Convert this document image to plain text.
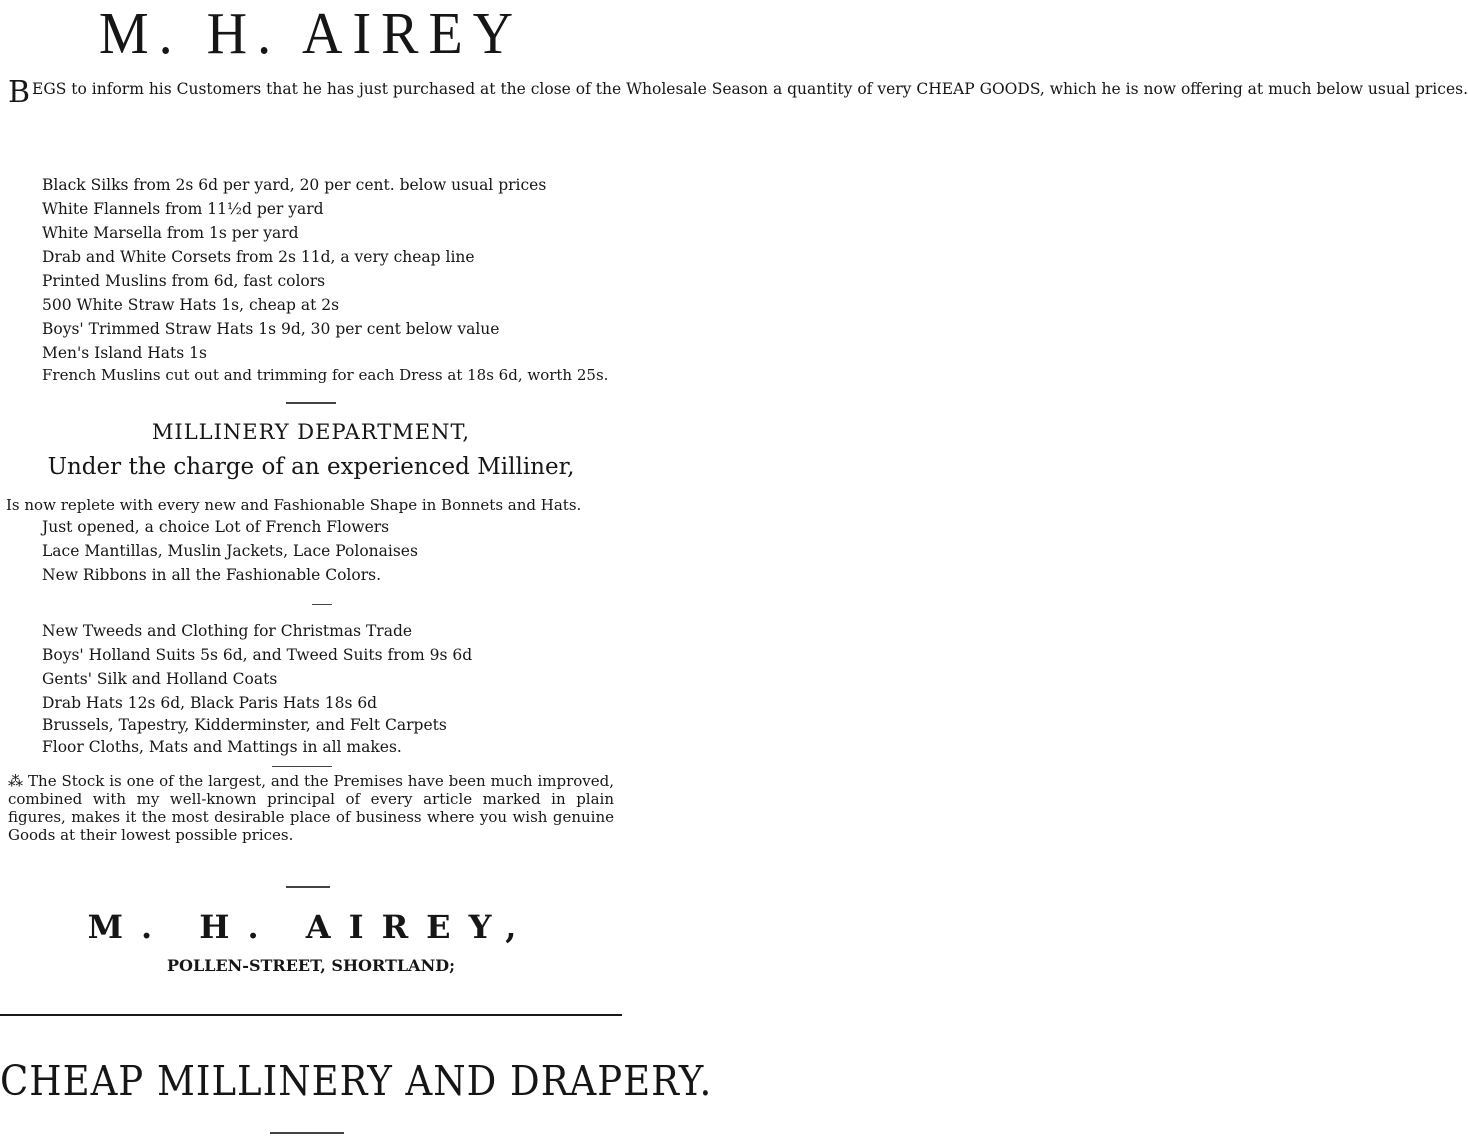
M. H. AIREY

BEGS to inform his Customers that he has just purchased at the close of the Wholesale Season a quantity of very CHEAP GOODS, which he is now offering at much below usual prices.

Black Silks from 2s 6d per yard, 20 per cent. below usual prices
White Flannels from 11½d per yard
White Marsella from 1s per yard
Drab and White Corsets from 2s 11d, a very cheap line
Printed Muslins from 6d, fast colors
500 White Straw Hats 1s, cheap at 2s
Boys' Trimmed Straw Hats 1s 9d, 30 per cent below value
Men's Island Hats 1s
French Muslins cut out and trimming for each Dress at 18s 6d, worth 25s.
MILLINERY DEPARTMENT,
Under the charge of an experienced Milliner,
Is now replete with every new and Fashionable Shape in Bonnets and Hats.
Just opened, a choice Lot of French Flowers
Lace Mantillas, Muslin Jackets, Lace Polonaises
New Ribbons in all the Fashionable Colors.
New Tweeds and Clothing for Christmas Trade
Boys' Holland Suits 5s 6d, and Tweed Suits from 9s 6d
Gents' Silk and Holland Coats
Drab Hats 12s 6d, Black Paris Hats 18s 6d
Brussels, Tapestry, Kidderminster, and Felt Carpets
Floor Cloths, Mats and Mattings in all makes.

⁂ The Stock is one of the largest, and the Premises have been much improved, combined with my well-known principal of every article marked in plain figures, makes it the most desirable place of business where you wish genuine Goods at their lowest possible prices.

M. H. AIREY,
POLLEN-STREET, SHORTLAND;
CHEAP MILLINERY AND DRAPERY.
